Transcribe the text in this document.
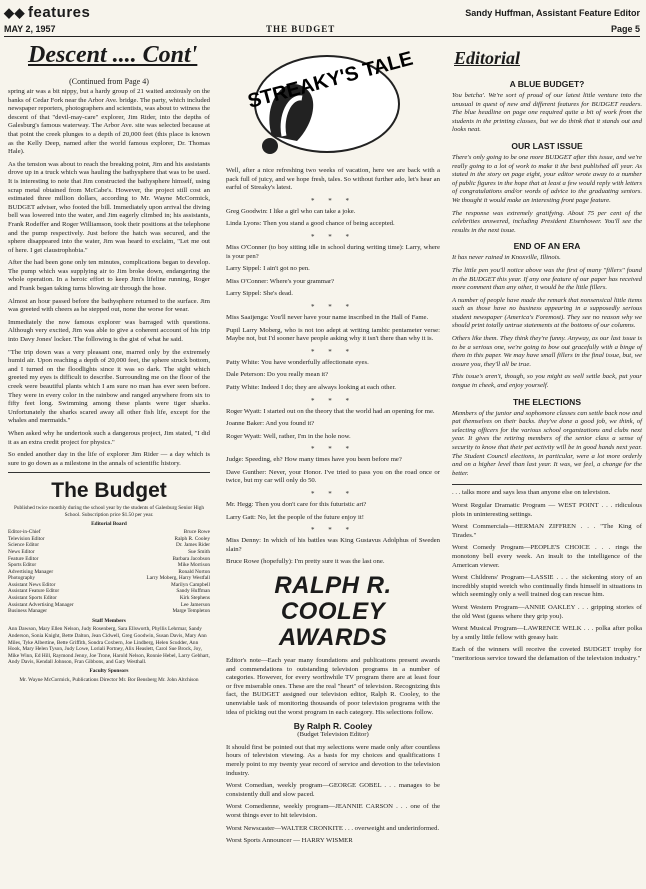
◆◆ features	Sandy Huffman, Assistant Feature Editor
MAY 2, 1957	THE BUDGET	Page 5
Descent .... Cont'
(Continued from Page 4)

spring air was a bit nippy, but a hardy group of 21 waited anxiously on the banks of Cedar Fork near the Arbor Ave. bridge. The party, which included newspaper reporters, photographers and scientists, was about to witness the descent of that "devil-may-care" explorer, Jim Rider, into the depths of Galesburg's famous waterway. The Arbor Ave. site was selected because at that point the creek plunges to a depth of 20,000 feet (this place is known as the Kelly Deep, named after the world famous explorer, Dr. Thomas Hale).

As the tension was about to reach the breaking point, Jim and his assistants drove up in a truck which was hauling the bathysphere that was to be used. It is interesting to note that Jim constructed the bathysphere himself, using scrap metal obtained from McCabe's. However, the project still cost an estimated three million dollars, according to Mr. Wayne McCormick, BUDGET adviser, who footed the bill. Immediately upon arrival the diving bell was lowered into the water, and Jim eagerly climbed in; his assistants, Frank Rodeffer and Roger Williamson, took their positions at the telephone and the pump respectively. Just before the hatch was secured, and the sphere disappeared into the water, Jim was heard to exclaim, "Let me out of here. I get claustrophobia."

After the had been gone only ten minutes, complications began to develop. The pump which was supplying air to Jim broke down, endangering the whole operation. In a heroic effort to keep Jim's lifeline running, Roger and Frank began taking turns blowing air through the hose.

Almost an hour passed before the bathysphere returned to the surface. Jim was greeted with cheers as he stepped out, none the worse for wear.

Immediately the now famous explorer was barraged with questions. Although very excited, Jim was able to give a coherent account of his trip into Davy Jones' locker. The following is the gist of what he said.

"The trip down was a very pleasant one, marred only by the extremely humid air. Upon reaching a depth of 20,000 feet, the sphere struck bottom, and I turned on the floodlights since it was so dark. The sight which greeted my eyes is difficult to describe. Surrounding me on the floor of the creek were beautiful plants which I am sure no man has ever seen before. They were in every color in the rainbow and ranged anywhere from six to fifty feet long. Swimming among these plants were tiger sharks. Unfortunately the sharks scared away all other fish life, except for the whales and mermaids."

When asked why he undertook such a dangerous project, Jim stated, "I did it as an extra credit project for physics."

So ended another day in the life of explorer Jim Rider — a day which is sure to go down as a milestone in the annals of scientific history.

The Budget

Published twice monthly during the school year by the students of Galesburg Senior High School. Subscription price $1.50 per year.

Editorial Board

Editor-in-Chief	Bruce Rowe
Television Editor	Ralph R. Cooley
Science Editor	Dr. James Rider
News Editor	Sue Smith
Feature Editor	Barbara Jacobson
Sports Editor	Mike Morrison
Advertising Manager	Ronald Norton
Photography	Larry Moberg, Harry Westfall
Assistant News Editor	Marilyn Campbell
Assistant Feature Editor	Sandy Huffman
Assistant Sports Editor	Kirk Stephens
Assistant Advertising Manager	Lee Jamerson
Business Manager	Marge Templeton

Staff Members

Ann Dawson, Mary Ellen Nelson, Judy Rosenberg, Sara Ellsworth, Phyllis Lehrmar, Sandy Anderson, Sonia Knight, Bette Dalton, Jean Cidwell, Greg Goodwin, Susan Davis, Mary Ann Miles, Tyke Albertine, Bette Griffith, Sondra Coxbern, Joe Lindberg, Helen Scudder, Ann Hook, Mary Helen Tyson, Judy Lowe, Loriali Portney, Alix Heaslett, Carol Sue Brock, Joy, Mike Winn, Ed Hill, Raymond Jenny, Joe Trone, Harold Nelson, Ronnie Hebel, Larry Gebhart, Andy Davis, Kendall Johnson, Fran Gibbons, and Gary Westhall.

Faculty Sponsors

Mr. Wayne McCormick, Publications Director Mr. Bor Bensberg Mr. John Altchison

STREAKY'S TALE

Well, after a nice refreshing two weeks of vacation, here we are back with a pack full of juicy, and we hope fresh, tales. So without further ado, let's hear an earful of Streaky's latest.

* * *

Greg Goodwin: I like a girl who can take a joke.

Linda Lyons: Then you stand a good chance of being accepted.

* * *

Miss O'Conner (to boy sitting idle in school during writing time): Larry, where is your pen?

Larry Sippel: I ain't got no pen.

Miss O'Conner: Where's your grammar?

Larry Sippel: She's dead.

* * *

Miss Saaijenga: You'll never have your name inscribed in the Hall of Fame.

Pupil Larry Moberg, who is not too adept at writing iambic pentameter verse: Maybe not, but I'd sooner have people asking why it isn't there than why it is.

* * *

Patty White: You have wonderfully affectionate eyes.

Dale Peterson: Do you really mean it?

Patty White: Indeed I do; they are always looking at each other.

* * *

Roger Wyatt: I started out on the theory that the world had an opening for me.

Joanne Baker: And you found it?

Roger Wyatt: Well, rather, I'm in the hole now.

* * *

Judge: Speeding, eh? How many times have you been before me?

Dave Gunther: Never, your Honor. I've tried to pass you on the road once or twice, but my car will only do 50.

* * *

Mr. Hegg: Then you don't care for this futuristic art?

Larry Gatt: No, let the people of the future enjoy it!

* * *

Miss Denny: In which of his battles was King Gustavus Adolphus of Sweden slain?

Bruce Rowe (hopefully): I'm pretty sure it was the last one.

RALPH R. COOLEY AWARDS

Editor's note—Each year many foundations and publications present awards and commendations to outstanding television programs in a number of categories. However, for every worthwhile TV program there are at least four or five miserable ones. These are the real "heart" of television. Recognizing this fact, the BUDGET assigned our television editor, Ralph R. Cooley, to the unenviable task of monitoring thousands of poor television programs with the idea of picking out the worst program in each category. His selections follow.

By Ralph R. Cooley

(Budget Television Editor)

It should first be pointed out that my selections were made only after countless hours of television viewing. As a basis for my choices and qualifications I merely point to my twenty year record of service and devotion to the television industry.

Worst Comedian, weekly program—GEORGE GOBEL . . . manages to be consistently dull and slow paced.

Worst Comedienne, weekly program—JEANNIE CARSON . . . one of the worst things ever to hit television.

Worst Newscaster—WALTER CRONKITE . . . overweight and underinformed.

Worst Sports Announcer — HARRY WISMER

Editorial

A BLUE BUDGET?

You betcha'. We're sort of proud of our latest little venture into the unusual in quest of new and different features for BUDGET readers. The blue headline on page one required quite a bit of work from the students in the printing classes, but we do think that it stands out and looks neat.

OUR LAST ISSUE

There's only going to be one more BUDGET after this issue, and we're really going to a lot of work to make it the best published all year. As stated in the story on page eight, your editor wrote away to a number of public figures in the hope that at least a few would reply with letters of congratulations and/or words of advice to the graduating seniors. We thought it would make an interesting front page feature.

The response was extremely gratifying. About 75 per cent of the celebrities answered, including President Eisenhower. You'll see the results in the next issue.

END OF AN ERA

It has never rained in Knoxville, Illinois.

The little pen you'll notice above was the first of many "fillers" found in the BUDGET this year. If any one feature of our paper has received more comment than any other, it would be the little fillers.

A number of people have made the remark that nonsensical little items such as those have no business appearing in a supposedly serious student newspaper (America's Foremost). They see no reason why we should print totally untrue statements at the bottoms of our columns.

Others like them. They think they're funny. Anyway, as our last issue is to be a serious one, we're going to bow out gracefully with a binge of them in this paper. We may have small fillers in the final issue, but, we assure you, they'll all be true.

This issue's aren't, though, so you might as well settle back, put your tongue in cheek, and enjoy yourself.

THE ELECTIONS

Members of the junior and sophomore classes can settle back now and pat themselves on their backs. they've done a good job, we think, of selecting officers for the various school organizations and clubs next year. It gives the retiring members of the senior class a sense of security to know that their pet activity will be in good hands next year. The Student Council elections, in particular, were a lot more orderly and on a higher level than last year. It was, we feel, a change for the better.

. . . talks more and says less than anyone else on television.

Worst Regular Dramatic Program — WEST POINT . . . ridiculous plots in uninteresting settings.

Worst Commercials—HERMAN ZIFFREN . . . "The King of Tirades."

Worst Comedy Program—PEOPLE'S CHOICE . . . rings the monotony bell every week. An insult to the intelligence of the American viewer.

Worst Childrens' Program—LASSIE . . . the sickening story of an incredibly stupid wretch who continually finds himself in situations in which seemingly only a well trained dog can rescue him.

Worst Western Program—ANNIE OAKLEY . . . gripping stories of the old West (guess where they grip you).

Worst Musical Program—LAWRENCE WELK . . . polka after polka by a smily little fellow with greasy hair.

Each of the winners will receive the coveted BUDGET trophy for "meritorious service toward the defamation of the television industry."
